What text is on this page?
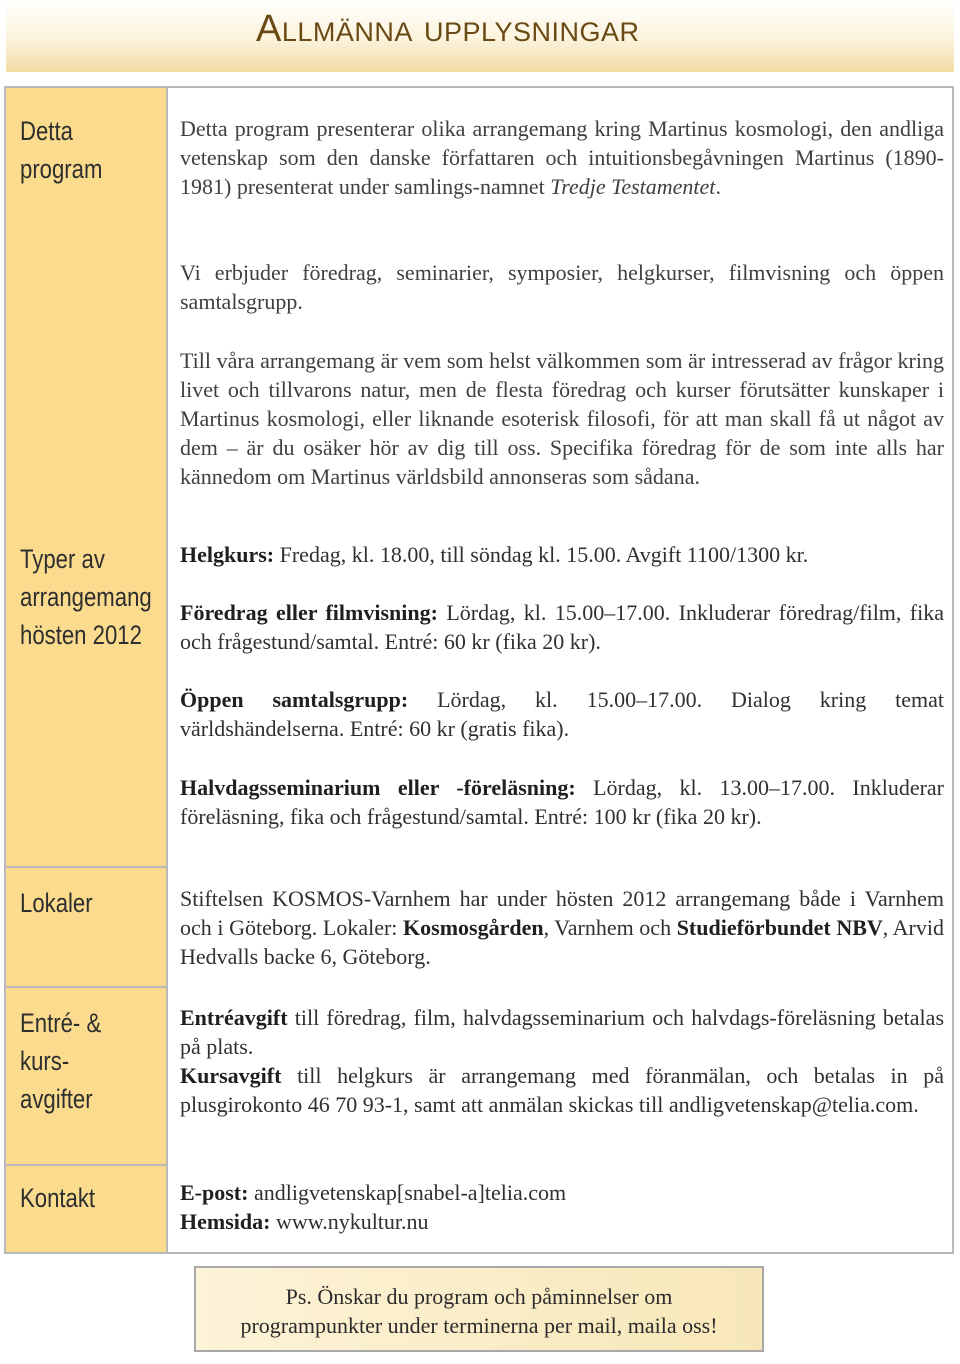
Allmänna upplysningar
Detta
program
Typer av
arrangemang
hösten 2012
Lokaler
Entré- & kurs-
avgifter
Kontakt

Detta program presenterar olika arrangemang kring Martinus kosmologi, den andliga vetenskap som den danske författaren och intuitionsbegåvningen Martinus (1890-1981) presenterat under samlings-namnet Tredje Testamentet.

Vi erbjuder föredrag, seminarier, symposier, helgkurser, filmvisning och öppen samtalsgrupp.

Till våra arrangemang är vem som helst välkommen som är intresserad av frågor kring livet och tillvarons natur, men de flesta föredrag och kurser förutsätter kunskaper i Martinus kosmologi, eller liknande esoterisk filosofi, för att man skall få ut något av dem – är du osäker hör av dig till oss. Specifika föredrag för de som inte alls har kännedom om Martinus världsbild annonseras som sådana.

Helgkurs: Fredag, kl. 18.00, till söndag kl. 15.00. Avgift 1100/1300 kr.

Föredrag eller filmvisning: Lördag, kl. 15.00–17.00. Inkluderar föredrag/film, fika och frågestund/samtal. Entré: 60 kr (fika 20 kr).

Öppen samtalsgrupp: Lördag, kl. 15.00–17.00. Dialog kring temat världshändelserna. Entré: 60 kr (gratis fika).

Halvdagsseminarium eller -föreläsning: Lördag, kl. 13.00–17.00. Inkluderar föreläsning, fika och frågestund/samtal. Entré: 100 kr (fika 20 kr).

Stiftelsen KOSMOS-Varnhem har under hösten 2012 arrangemang både i Varnhem och i Göteborg. Lokaler: Kosmosgården, Varnhem och Studieförbundet NBV, Arvid Hedvalls backe 6, Göteborg.

Entréavgift till föredrag, film, halvdagsseminarium och halvdags-föreläsning betalas på plats.
Kursavgift till helgkurs är arrangemang med föranmälan, och betalas in på plusgirokonto 46 70 93-1, samt att anmälan skickas till andligvetenskap@telia.com.

E-post: andligvetenskap[snabel-a]telia.com
Hemsida: www.nykultur.nu

Ps. Önskar du program och påminnelser om
programpunkter under terminerna per mail, maila oss!
